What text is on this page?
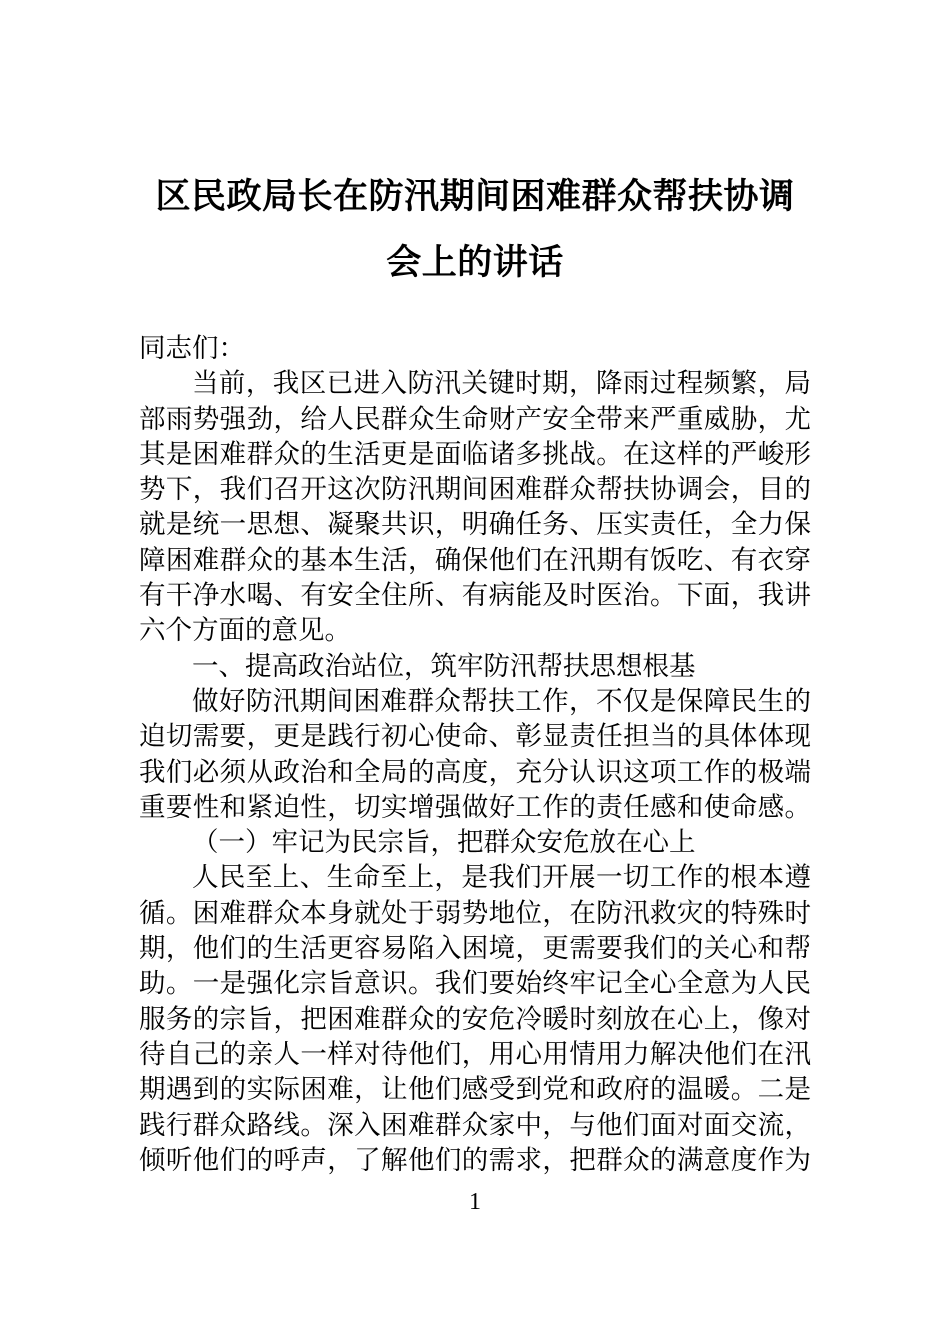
区民政局长在防汛期间困难群众帮扶协调
会上的讲话
同志们：
当前，我区已进入防汛关键时期，降雨过程频繁，局
部雨势强劲，给人民群众生命财产安全带来严重威胁，尤
其是困难群众的生活更是面临诸多挑战。在这样的严峻形
势下，我们召开这次防汛期间困难群众帮扶协调会，目的
就是统一思想、凝聚共识，明确任务、压实责任，全力保
障困难群众的基本生活，确保他们在汛期有饭吃、有衣穿
有干净水喝、有安全住所、有病能及时医治。下面，我讲
六个方面的意见。
一、提高政治站位，筑牢防汛帮扶思想根基
做好防汛期间困难群众帮扶工作，不仅是保障民生的
迫切需要，更是践行初心使命、彰显责任担当的具体体现
我们必须从政治和全局的高度，充分认识这项工作的极端
重要性和紧迫性，切实增强做好工作的责任感和使命感。
（一）牢记为民宗旨，把群众安危放在心上
人民至上、生命至上，是我们开展一切工作的根本遵
循。困难群众本身就处于弱势地位，在防汛救灾的特殊时
期，他们的生活更容易陷入困境，更需要我们的关心和帮
助。一是强化宗旨意识。我们要始终牢记全心全意为人民
服务的宗旨，把困难群众的安危冷暖时刻放在心上，像对
待自己的亲人一样对待他们，用心用情用力解决他们在汛
期遇到的实际困难，让他们感受到党和政府的温暖。二是
践行群众路线。深入困难群众家中，与他们面对面交流，
倾听他们的呼声，了解他们的需求，把群众的满意度作为
1
